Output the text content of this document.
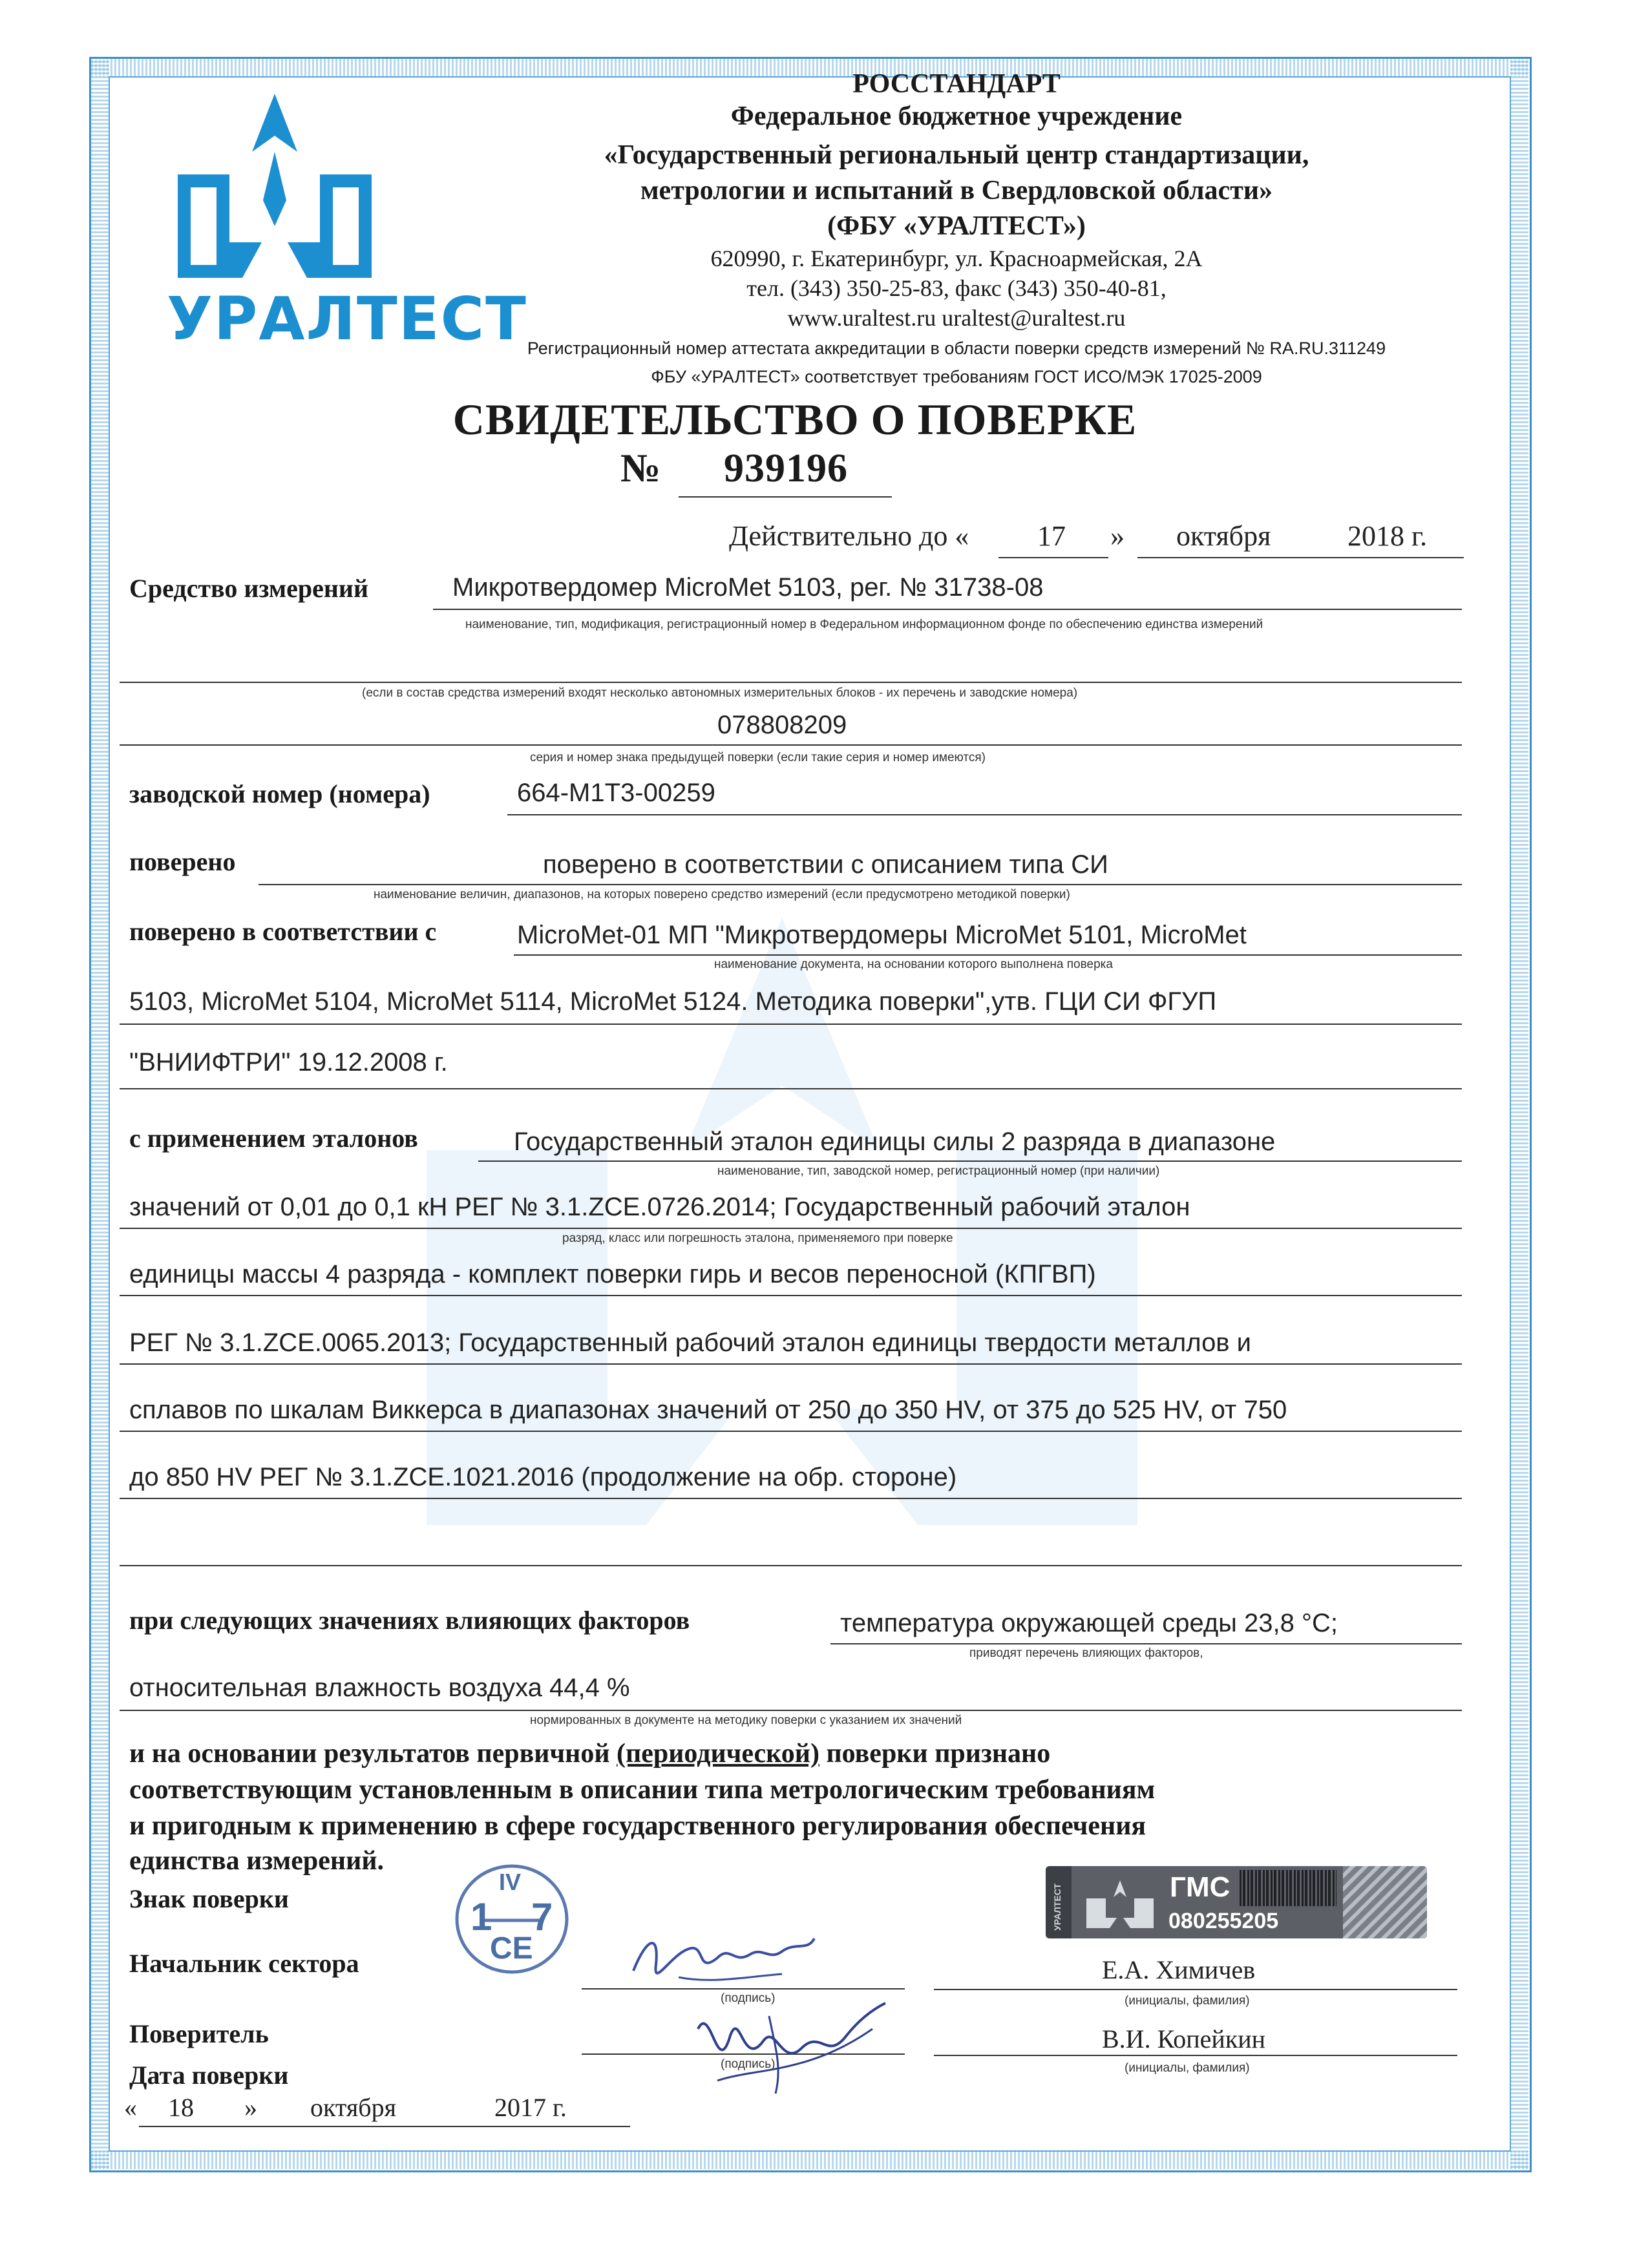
УРАЛТЕСТ
РОССТАНДАРТ
Федеральное бюджетное учреждение
«Государственный региональный центр стандартизации,
метрологии и испытаний в Свердловской области»
(ФБУ «УРАЛТЕСТ»)
620990, г. Екатеринбург, ул. Красноармейская, 2А
тел. (343) 350-25-83, факс (343) 350-40-81,
www.uraltest.ru uraltest@uraltest.ru
Регистрационный номер аттестата аккредитации в области поверки средств измерений № RA.RU.311249
ФБУ «УРАЛТЕСТ» соответствует требованиям ГОСТ ИСО/МЭК 17025-2009
СВИДЕТЕЛЬСТВО О ПОВЕРКЕ
№ 939196
Действительно до « 17 » октября	2018 г.
Средство измерений	Микротвердомер MicroMet 5103, рег. № 31738-08
наименование, тип, модификация, регистрационный номер в Федеральном информационном фонде по обеспечению единства измерений
(если в состав средства измерений входят несколько автономных измерительных блоков - их перечень и заводские номера)
078808209
серия и номер знака предыдущей поверки (если такие серия и номер имеются)
заводской номер (номера)	664-M1T3-00259
поверено	поверено в соответствии с описанием типа СИ
наименование величин, диапазонов, на которых поверено средство измерений (если предусмотрено методикой поверки)
поверено в соответствии с	MicroMet-01 МП "Микротвердомеры MicroMet 5101, MicroMet
наименование документа, на основании которого выполнена поверка
5103, MicroMet 5104, MicroMet 5114, MicroMet 5124. Методика поверки",утв. ГЦИ СИ ФГУП
"ВНИИФТРИ" 19.12.2008 г.
с применением эталонов	Государственный эталон единицы силы 2 разряда в диапазоне
наименование, тип, заводской номер, регистрационный номер (при наличии)
значений от 0,01 до 0,1 кН РЕГ № 3.1.ZCE.0726.2014; Государственный рабочий эталон
разряд, класс или погрешность эталона, применяемого при поверке
единицы массы 4 разряда - комплект поверки гирь и весов переносной (КПГВП)
РЕГ № 3.1.ZCE.0065.2013; Государственный рабочий эталон единицы твердости металлов и
сплавов по шкалам Виккерса в диапазонах значений от 250 до 350 HV, от 375 до 525 HV, от 750
до 850 HV РЕГ № 3.1.ZCE.1021.2016 (продолжение на обр. стороне)
при следующих значениях влияющих факторов	температура окружающей среды 23,8 °С;
приводят перечень влияющих факторов,
относительная влажность воздуха 44,4 %
нормированных в документе на методику поверки с указанием их значений
и на основании результатов первичной (периодической) поверки признано
соответствующим установленным в описании типа метрологическим требованиям
и пригодным к применению в сфере государственного регулирования обеспечения
единства измерений.
Знак поверки
Начальник сектора
(подпись)
Е.А. Химичев
(инициалы, фамилия)
Поверитель
(подпись)
В.И. Копейкин
(инициалы, фамилия)
Дата поверки
« 18 » октября	2017 г.
IV
1 7
CE
УРАЛТЕСТ	ГМС
080255205
